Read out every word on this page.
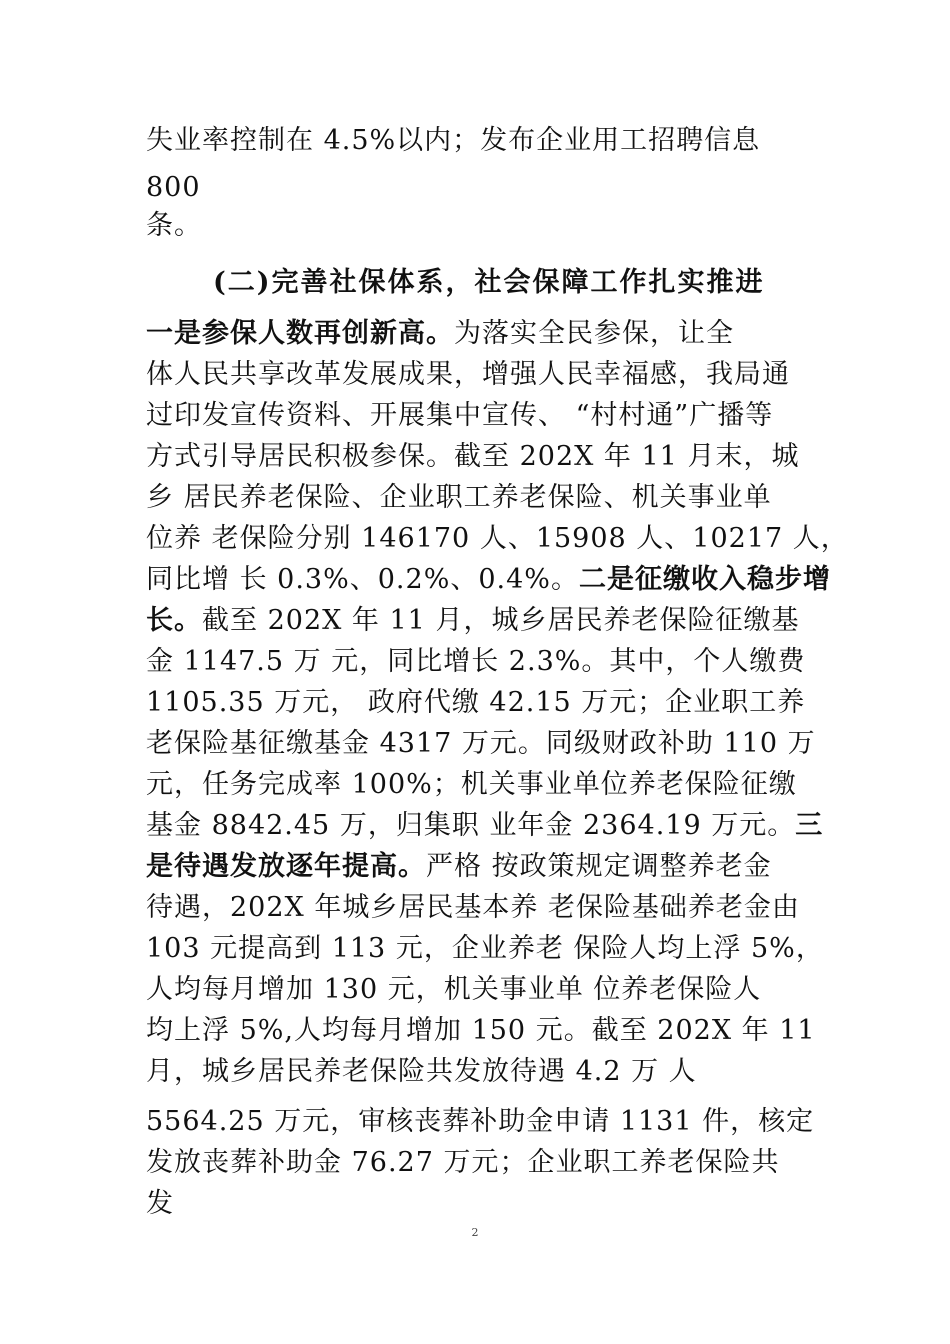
失业率控制在 4.5%以内；发布企业用工招聘信息
800
条。
一是参保人数再创新高。为落实全民参保，让全
体人民共享改革发展成果，增强人民幸福感，我局通
过印发宣传资料、开展集中宣传、 “村村通”广播等
方式引导居民积极参保。截至 202X 年 11 月末，城
乡 居民养老保险、企业职工养老保险、机关事业单
位养 老保险分别 146170 人、15908 人、10217 人，
同比增 长 0.3%、0.2%、0.4%。二是征缴收入稳步增
长。截至 202X 年 11 月，城乡居民养老保险征缴基
金 1147.5 万 元，同比增长 2.3%。其中，个人缴费
1105.35 万元， 政府代缴 42.15 万元；企业职工养
老保险基征缴基金 4317 万元。同级财政补助 110 万
元，任务完成率 100%；机关事业单位养老保险征缴
基金 8842.45 万，归集职 业年金 2364.19 万元。三
是待遇发放逐年提高。严格 按政策规定调整养老金
待遇，202X 年城乡居民基本养 老保险基础养老金由
103 元提高到 113 元，企业养老 保险人均上浮 5%，
人均每月增加 130 元，机关事业单 位养老保险人
均上浮 5%,人均每月增加 150 元。截至 202X 年 11
月，城乡居民养老保险共发放待遇 4.2 万 人
5564.25 万元，审核丧葬补助金申请 1131 件，核定
发放丧葬补助金 76.27 万元；企业职工养老保险共
发
(二)完善社保体系，社会保障工作扎实推进
2
